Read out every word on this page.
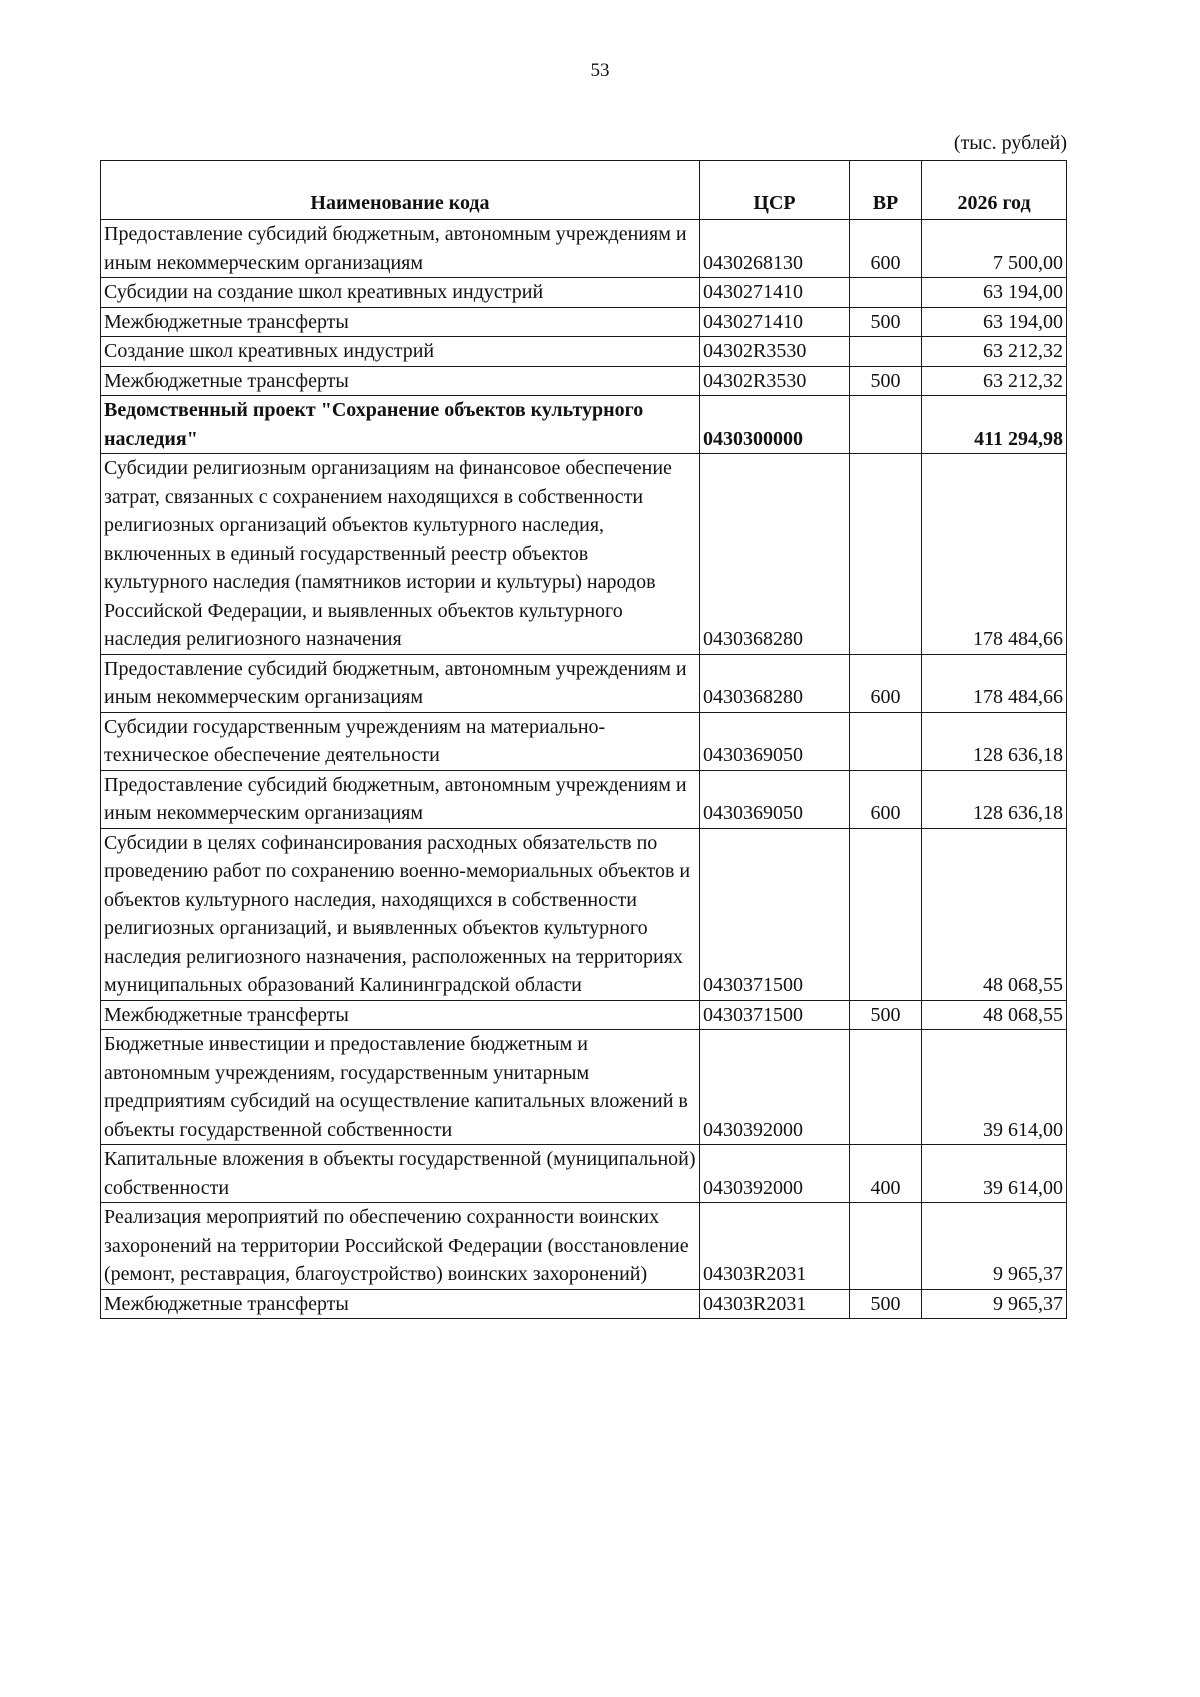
53
(тыс. рублей)
Наименование кода	ЦСР	ВР	2026 год
Предоставление субсидий бюджетным, автономным учреждениям и иным некоммерческим организациям	0430268130	600	7 500,00
Субсидии на создание школ креативных индустрий	0430271410		63 194,00
Межбюджетные трансферты	0430271410	500	63 194,00
Создание школ креативных индустрий	04302R3530		63 212,32
Межбюджетные трансферты	04302R3530	500	63 212,32
Ведомственный проект "Сохранение объектов культурного наследия"	0430300000		411 294,98
Субсидии религиозным организациям на финансовое обеспечение затрат, связанных с сохранением находящихся в собственности религиозных организаций объектов культурного наследия, включенных в единый государственный реестр объектов культурного наследия (памятников истории и культуры) народов Российской Федерации, и выявленных объектов культурного наследия религиозного назначения	0430368280		178 484,66
Предоставление субсидий бюджетным, автономным учреждениям и иным некоммерческим организациям	0430368280	600	178 484,66
Субсидии государственным учреждениям на материально-техническое обеспечение деятельности	0430369050		128 636,18
Предоставление субсидий бюджетным, автономным учреждениям и иным некоммерческим организациям	0430369050	600	128 636,18
Субсидии в целях софинансирования расходных обязательств по проведению работ по сохранению военно-мемориальных объектов и объектов культурного наследия, находящихся в собственности религиозных организаций, и выявленных объектов культурного наследия религиозного назначения, расположенных на территориях муниципальных образований Калининградской области	0430371500		48 068,55
Межбюджетные трансферты	0430371500	500	48 068,55
Бюджетные инвестиции и предоставление бюджетным и автономным учреждениям, государственным унитарным предприятиям субсидий на осуществление капитальных вложений в объекты государственной собственности	0430392000		39 614,00
Капитальные вложения в объекты государственной (муниципальной) собственности	0430392000	400	39 614,00
Реализация мероприятий по обеспечению сохранности воинских захоронений на территории Российской Федерации (восстановление (ремонт, реставрация, благоустройство) воинских захоронений)	04303R2031		9 965,37
Межбюджетные трансферты	04303R2031	500	9 965,37
